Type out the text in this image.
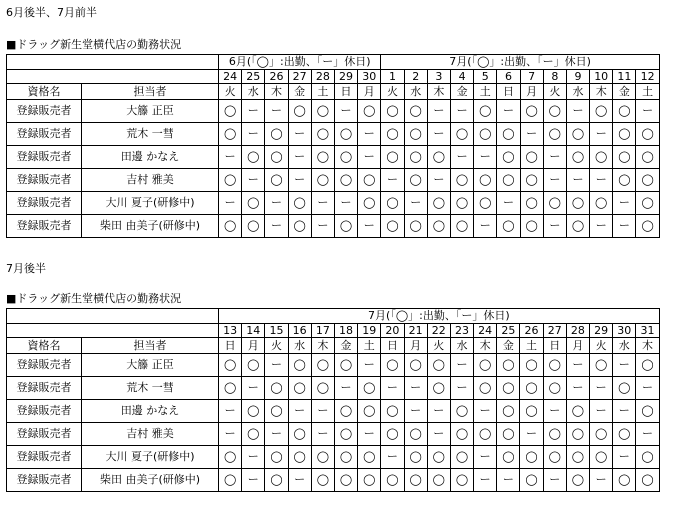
6月後半、7月前半
■ドラッグ新生堂横代店の勤務状況
		6月(「◯」:出勤、「ー」休日)							7月(「◯」:出勤、「ー」休日)											
		24	25	26	27	28	29	30	1	2	3	4	5	6	7	8	9	10	11	12
資格名	担当者	火	水	木	金	土	日	月	火	水	木	金	土	日	月	火	水	木	金	土
登録販売者	大籐 正臣	◯	ー	ー	◯	◯	ー	◯	◯	◯	ー	ー	◯	ー	◯	◯	ー	◯	◯	ー
登録販売者	荒木 一彗	◯	ー	◯	ー	◯	◯	ー	◯	◯	ー	◯	◯	◯	ー	◯	◯	ー	◯	◯
登録販売者	田邊 かなえ	ー	◯	◯	ー	◯	◯	ー	◯	◯	◯	ー	ー	◯	◯	ー	◯	◯	◯	◯
登録販売者	吉村 雅美	◯	ー	◯	ー	◯	◯	◯	ー	◯	ー	◯	◯	◯	◯	ー	ー	ー	◯	◯
登録販売者	大川 夏子(研修中)	ー	◯	ー	◯	ー	ー	◯	◯	ー	◯	◯	◯	ー	◯	◯	◯	◯	ー	◯
登録販売者	柴田 由美子(研修中)	◯	◯	ー	◯	ー	◯	ー	◯	◯	◯	◯	ー	◯	◯	ー	◯	ー	ー	◯
7月後半
■ドラッグ新生堂横代店の勤務状況
		7月(「◯」:出勤、「ー」休日)																		
		13	14	15	16	17	18	19	20	21	22	23	24	25	26	27	28	29	30	31
資格名	担当者	日	月	火	水	木	金	土	日	月	火	水	木	金	土	日	月	火	水	木
登録販売者	大籐 正臣	◯	◯	ー	◯	◯	◯	ー	◯	◯	◯	ー	◯	◯	◯	◯	ー	◯	ー	◯
登録販売者	荒木 一彗	◯	ー	◯	◯	◯	ー	◯	ー	ー	◯	ー	◯	◯	◯	◯	ー	ー	◯	ー
登録販売者	田邊 かなえ	ー	◯	◯	ー	ー	◯	◯	◯	ー	ー	◯	ー	◯	◯	ー	◯	ー	ー	◯
登録販売者	吉村 雅美	ー	◯	ー	◯	ー	◯	ー	◯	◯	ー	◯	◯	◯	ー	◯	◯	◯	◯	ー
登録販売者	大川 夏子(研修中)	◯	ー	◯	◯	◯	◯	◯	ー	◯	◯	◯	ー	◯	◯	◯	◯	◯	ー	◯
登録販売者	柴田 由美子(研修中)	◯	ー	◯	ー	◯	◯	◯	◯	◯	◯	◯	ー	ー	◯	ー	◯	ー	◯	◯
